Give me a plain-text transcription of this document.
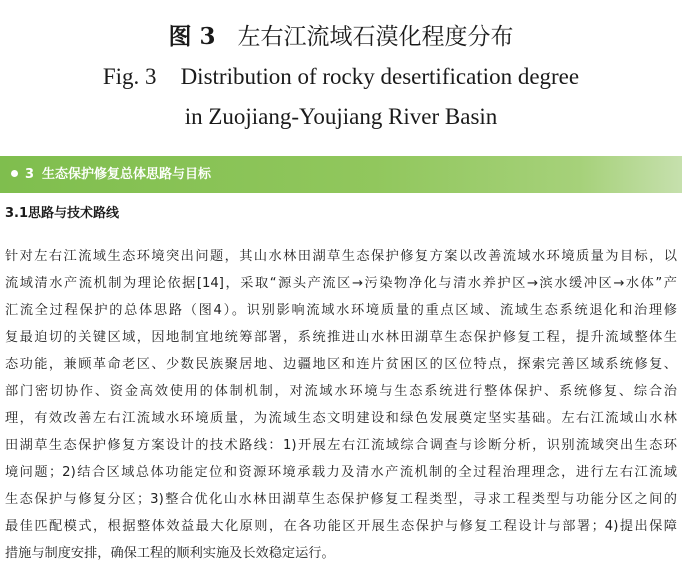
图 3 左右江流域石漠化程度分布
Fig. 3 Distribution of rocky desertification degree
in Zuojiang-Youjiang River Basin
3 生态保护修复总体思路与目标
3.1思路与技术路线
针对左右江流域生态环境突出问题，其山水林田湖草生态保护修复方案以改善流域水环境质量为目标，以
流域清水产流机制为理论依据[14]，采取“源头产流区→污染物净化与清水养护区→滨水缓冲区→水体”产
汇流全过程保护的总体思路（图4）。识别影响流域水环境质量的重点区域、流域生态系统退化和治理修
复最迫切的关键区域，因地制宜地统筹部署，系统推进山水林田湖草生态保护修复工程，提升流域整体生
态功能，兼顾革命老区、少数民族聚居地、边疆地区和连片贫困区的区位特点，探索完善区域系统修复、
部门密切协作、资金高效使用的体制机制，对流域水环境与生态系统进行整体保护、系统修复、综合治
理，有效改善左右江流域水环境质量，为流域生态文明建设和绿色发展奠定坚实基础。左右江流域山水林
田湖草生态保护修复方案设计的技术路线：1)开展左右江流域综合调查与诊断分析，识别流域突出生态环
境问题；2)结合区域总体功能定位和资源环境承载力及清水产流机制的全过程治理理念，进行左右江流域
生态保护与修复分区；3)整合优化山水林田湖草生态保护修复工程类型，寻求工程类型与功能分区之间的
最佳匹配模式，根据整体效益最大化原则，在各功能区开展生态保护与修复工程设计与部署；4)提出保障
措施与制度安排，确保工程的顺利实施及长效稳定运行。
